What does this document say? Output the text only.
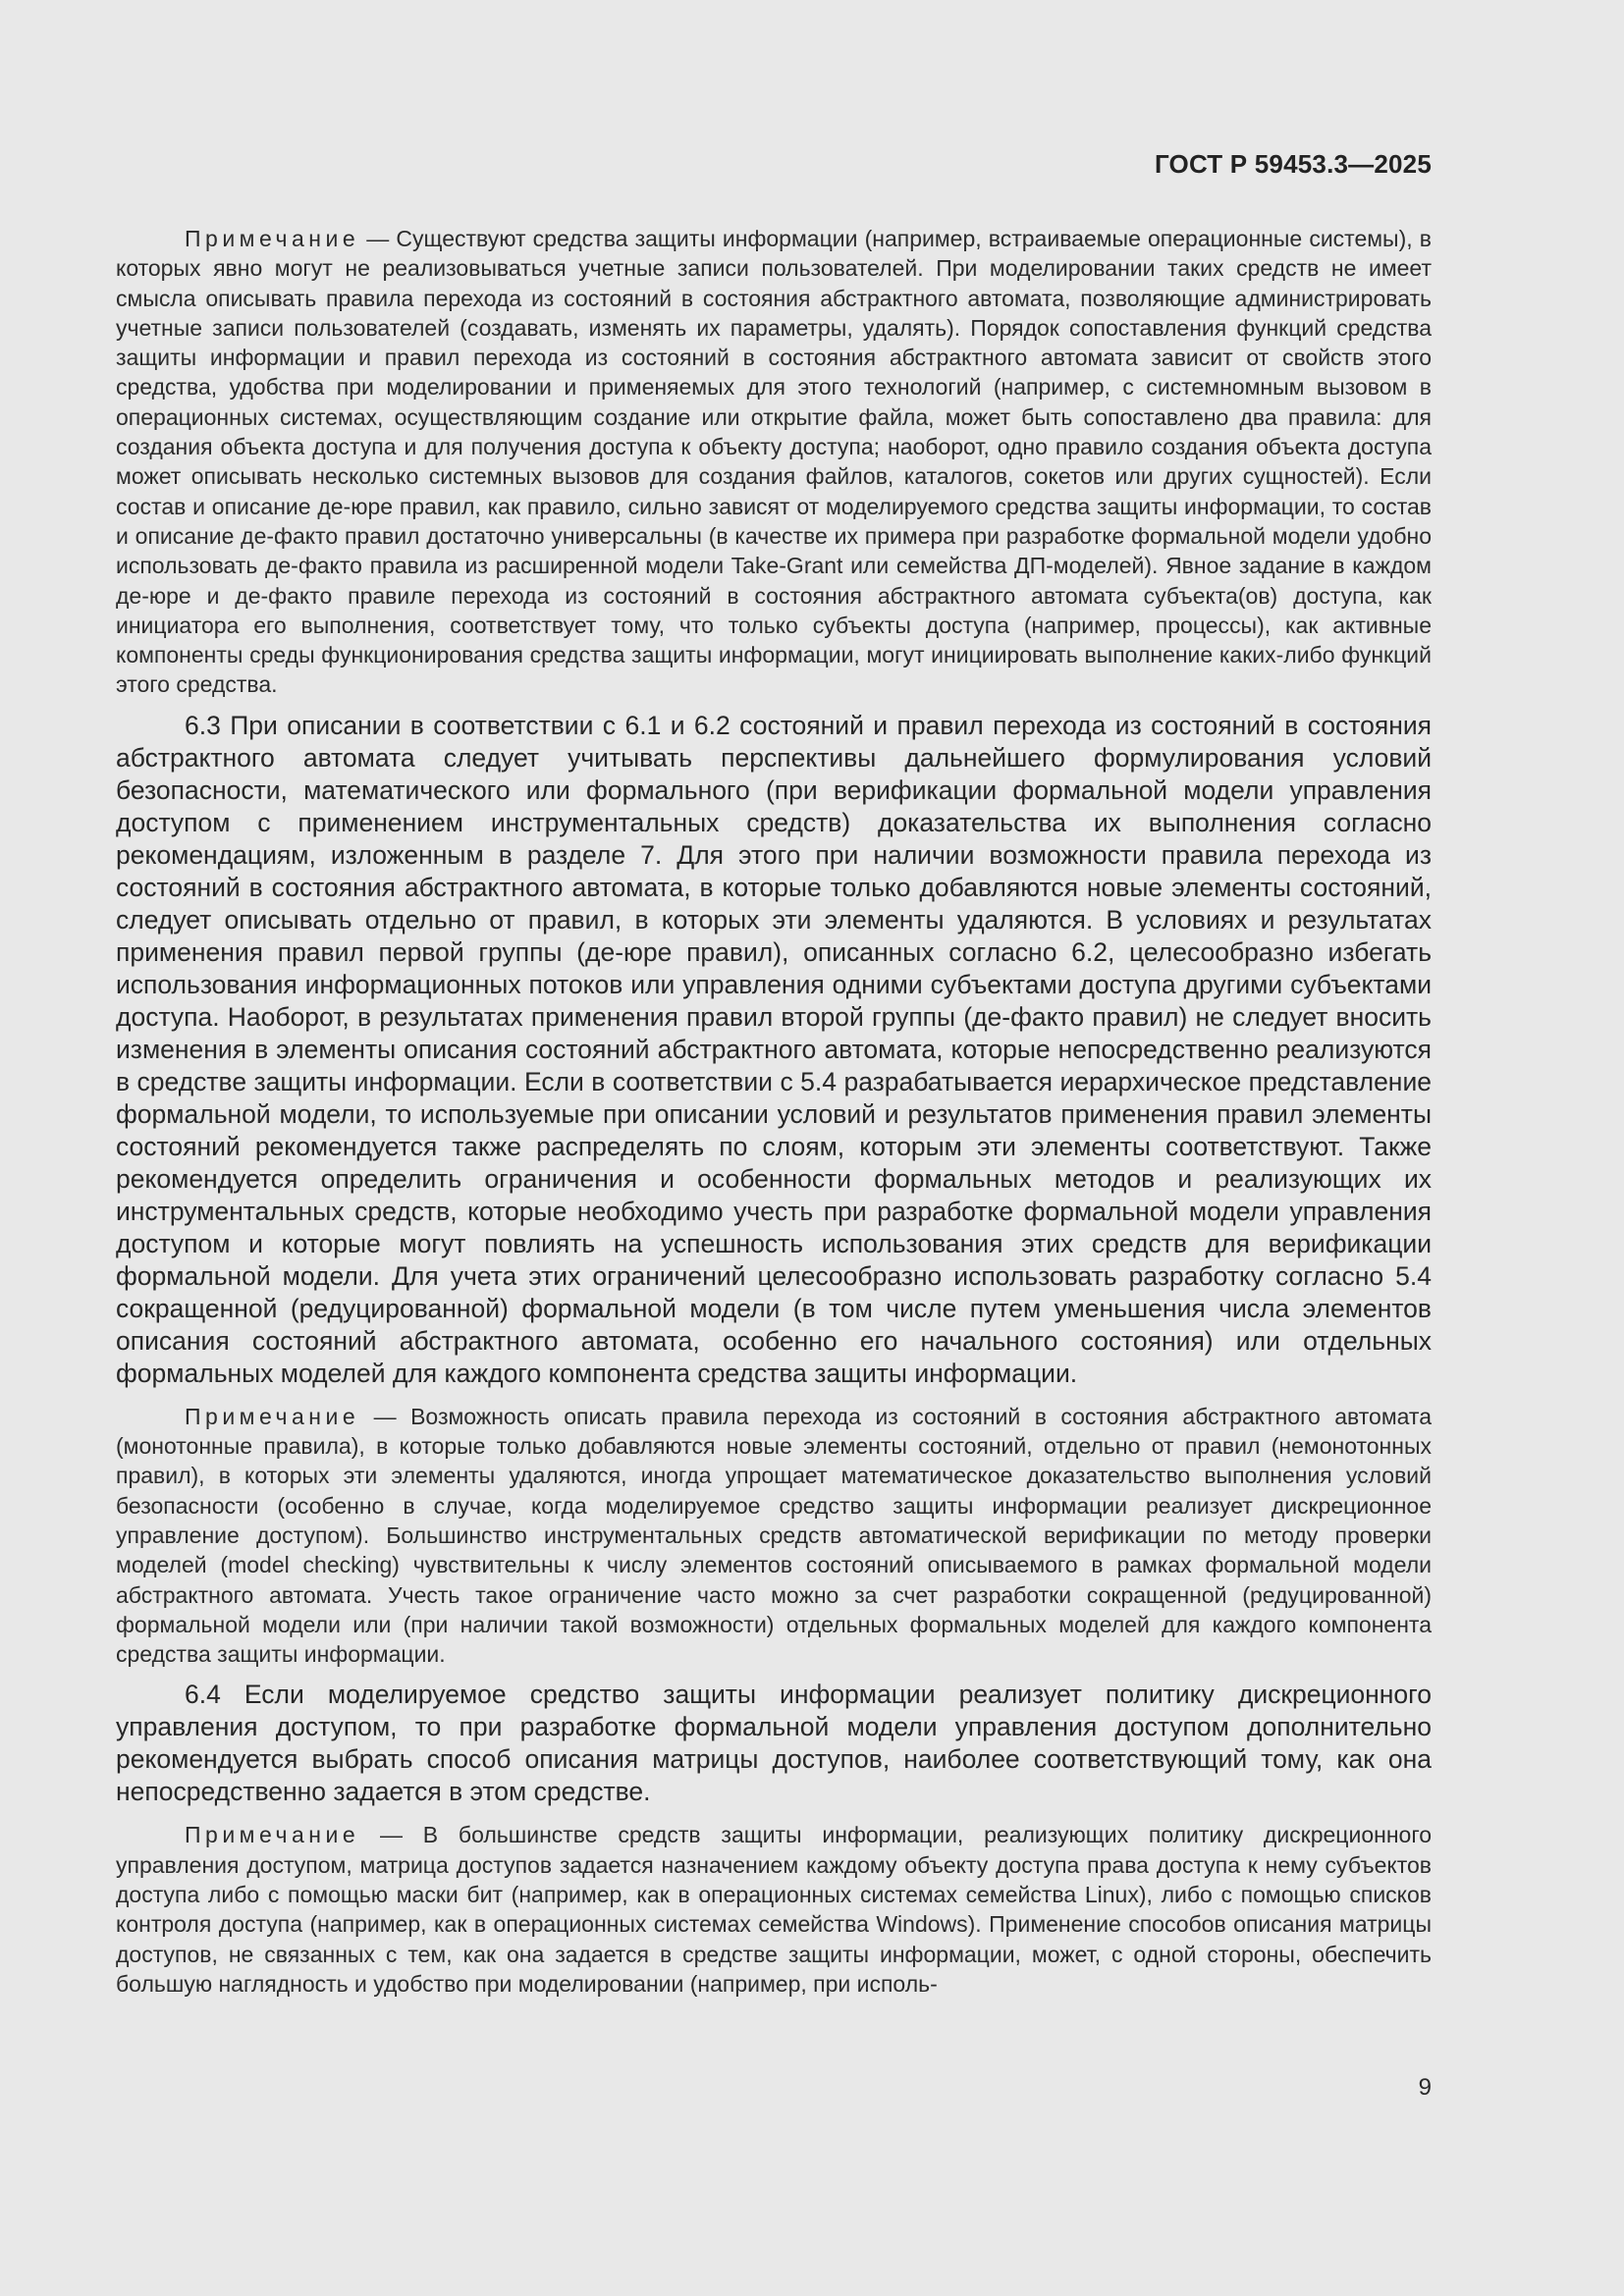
ГОСТ Р 59453.3—2025

Примечание — Существуют средства защиты информации (например, встраиваемые операционные системы), в которых явно могут не реализовываться учетные записи пользователей. При моделировании таких средств не имеет смысла описывать правила перехода из состояний в состояния абстрактного автомата, позволяющие администрировать учетные записи пользователей (создавать, изменять их параметры, удалять). Порядок сопоставления функций средства защиты информации и правил перехода из состояний в состояния абстрактного автомата зависит от свойств этого средства, удобства при моделировании и применяемых для этого технологий (например, с системномным вызовом в операционных системах, осуществляющим создание или открытие файла, может быть сопоставлено два правила: для создания объекта доступа и для получения доступа к объекту доступа; наоборот, одно правило создания объекта доступа может описывать несколько системных вызовов для создания файлов, каталогов, сокетов или других сущностей). Если состав и описание де-юре правил, как правило, сильно зависят от моделируемого средства защиты информации, то состав и описание де-факто правил достаточно универсальны (в качестве их примера при разработке формальной модели удобно использовать де-факто правила из расширенной модели Take-Grant или семейства ДП-моделей). Явное задание в каждом де-юре и де-факто правиле перехода из состояний в состояния абстрактного автомата субъекта(ов) доступа, как инициатора его выполнения, соответствует тому, что только субъекты доступа (например, процессы), как активные компоненты среды функционирования средства защиты информации, могут инициировать выполнение каких-либо функций этого средства.

6.3 При описании в соответствии с 6.1 и 6.2 состояний и правил перехода из состояний в состояния абстрактного автомата следует учитывать перспективы дальнейшего формулирования условий безопасности, математического или формального (при верификации формальной модели управления доступом с применением инструментальных средств) доказательства их выполнения согласно рекомендациям, изложенным в разделе 7. Для этого при наличии возможности правила перехода из состояний в состояния абстрактного автомата, в которые только добавляются новые элементы состояний, следует описывать отдельно от правил, в которых эти элементы удаляются. В условиях и результатах применения правил первой группы (де-юре правил), описанных согласно 6.2, целесообразно избегать использования информационных потоков или управления одними субъектами доступа другими субъектами доступа. Наоборот, в результатах применения правил второй группы (де-факто правил) не следует вносить изменения в элементы описания состояний абстрактного автомата, которые непосредственно реализуются в средстве защиты информации. Если в соответствии с 5.4 разрабатывается иерархическое представление формальной модели, то используемые при описании условий и результатов применения правил элементы состояний рекомендуется также распределять по слоям, которым эти элементы соответствуют. Также рекомендуется определить ограничения и особенности формальных методов и реализующих их инструментальных средств, которые необходимо учесть при разработке формальной модели управления доступом и которые могут повлиять на успешность использования этих средств для верификации формальной модели. Для учета этих ограничений целесообразно использовать разработку согласно 5.4 сокращенной (редуцированной) формальной модели (в том числе путем уменьшения числа элементов описания состояний абстрактного автомата, особенно его начального состояния) или отдельных формальных моделей для каждого компонента средства защиты информации.

Примечание — Возможность описать правила перехода из состояний в состояния абстрактного автомата (монотонные правила), в которые только добавляются новые элементы состояний, отдельно от правил (немонотонных правил), в которых эти элементы удаляются, иногда упрощает математическое доказательство выполнения условий безопасности (особенно в случае, когда моделируемое средство защиты информации реализует дискреционное управление доступом). Большинство инструментальных средств автоматической верификации по методу проверки моделей (model checking) чувствительны к числу элементов состояний описываемого в рамках формальной модели абстрактного автомата. Учесть такое ограничение часто можно за счет разработки сокращенной (редуцированной) формальной модели или (при наличии такой возможности) отдельных формальных моделей для каждого компонента средства защиты информации.

6.4 Если моделируемое средство защиты информации реализует политику дискреционного управления доступом, то при разработке формальной модели управления доступом дополнительно рекомендуется выбрать способ описания матрицы доступов, наиболее соответствующий тому, как она непосредственно задается в этом средстве.

Примечание — В большинстве средств защиты информации, реализующих политику дискреционного управления доступом, матрица доступов задается назначением каждому объекту доступа права доступа к нему субъектов доступа либо с помощью маски бит (например, как в операционных системах семейства Linux), либо с помощью списков контроля доступа (например, как в операционных системах семейства Windows). Применение способов описания матрицы доступов, не связанных с тем, как она задается в средстве защиты информации, может, с одной стороны, обеспечить большую наглядность и удобство при моделировании (например, при исполь-

9
